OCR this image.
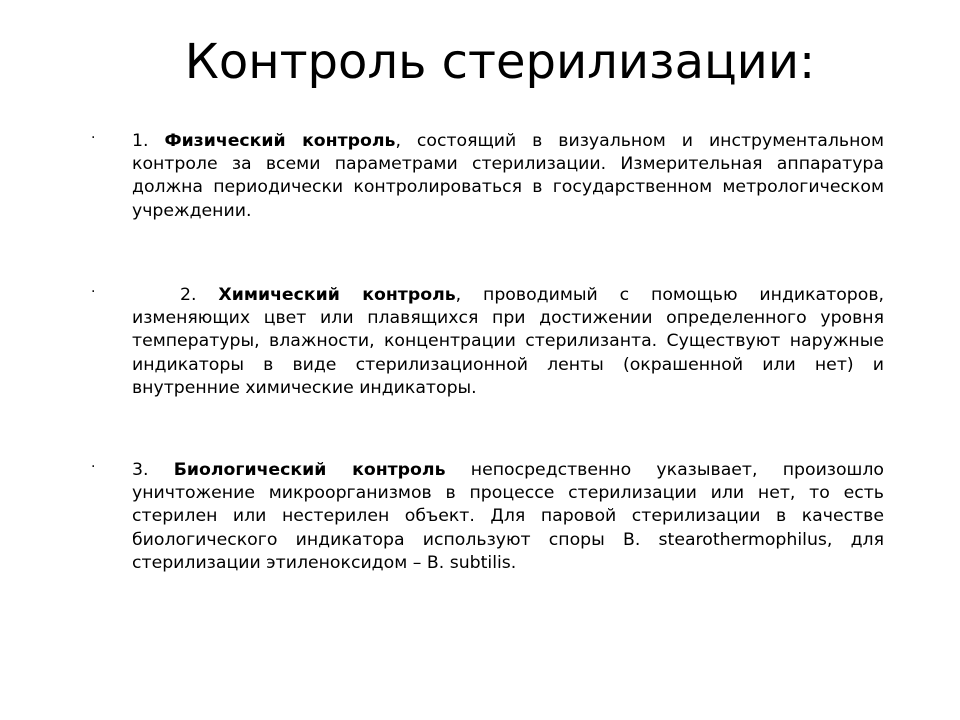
Контроль стерилизации:

· 1. Физический контроль, состоящий в визуальном и инструментальном контроле за всеми параметрами стерилизации. Измерительная аппаратура должна периодически контролироваться в государственном метрологическом учреждении.

·	2. Химический контроль, проводимый с помощью индикаторов, изменяющих цвет или плавящихся при достижении определенного уровня температуры, влажности, концентрации стерилизанта. Существуют наружные индикаторы в виде стерилизационной ленты (окрашенной или нет) и внутренние химические индикаторы.

· 3. Биологический контроль непосредственно указывает, произошло уничтожение микроорганизмов в процессе стерилизации или нет, то есть стерилен или нестерилен объект. Для паровой стерилизации в качестве биологического индикатора используют споры B. stearothermophilus, для стерилизации этиленоксидом – B. subtilis.
